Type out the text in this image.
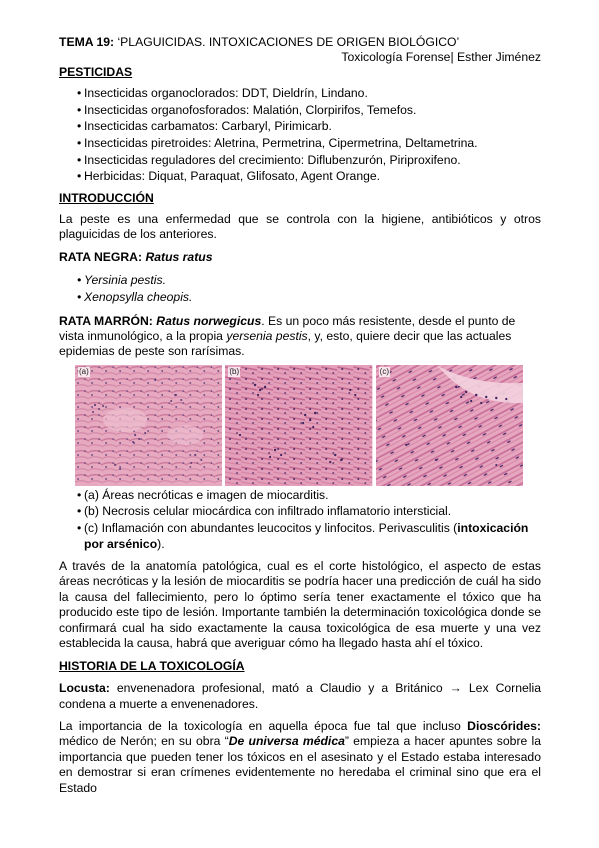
TEMA 19: ‘PLAGUICIDAS. INTOXICACIONES DE ORIGEN BIOLÓGICO’
Toxicología Forense| Esther Jiménez
PESTICIDAS
• Insecticidas organoclorados: DDT, Dieldrín, Lindano.
• Insecticidas organofosforados: Malatión, Clorpirifos, Temefos.
• Insecticidas carbamatos: Carbaryl, Pirimicarb.
• Insecticidas piretroides: Aletrina, Permetrina, Cipermetrina, Deltametrina.
• Insecticidas reguladores del crecimiento: Diflubenzurón, Piriproxifeno.
• Herbicidas: Diquat, Paraquat, Glifosato, Agent Orange.
INTRODUCCIÓN

La peste es una enfermedad que se controla con la higiene, antibióticos y otros plaguicidas de los anteriores.

RATA NEGRA: Ratus ratus
• Yersinia pestis.
• Xenopsylla cheopis.

RATA MARRÓN: Ratus norwegicus. Es un poco más resistente, desde el punto de vista inmunológico, a la propia yersenia pestis, y, esto, quiere decir que las actuales epidemias de peste son rarísimas.

(a)	(b)	(c)
• (a) Áreas necróticas e imagen de miocarditis.
• (b) Necrosis celular miocárdica con infiltrado inflamatorio intersticial.
• (c) Inflamación con abundantes leucocitos y linfocitos. Perivasculitis (intoxicación por arsénico).

A través de la anatomía patológica, cual es el corte histológico, el aspecto de estas áreas necróticas y la lesión de miocarditis se podría hacer una predicción de cuál ha sido la causa del fallecimiento, pero lo óptimo sería tener exactamente el tóxico que ha producido este tipo de lesión. Importante también la determinación toxicológica donde se confirmará cual ha sido exactamente la causa toxicológica de esa muerte y una vez establecida la causa, habrá que averiguar cómo ha llegado hasta ahí el tóxico.

HISTORIA DE LA TOXICOLOGÍA

Locusta: envenenadora profesional, mató a Claudio y a Británico → Lex Cornelia condena a muerte a envenenadores.

La importancia de la toxicología en aquella época fue tal que incluso Dioscórides: médico de Nerón; en su obra “De universa médica” empieza a hacer apuntes sobre la importancia que pueden tener los tóxicos en el asesinato y el Estado estaba interesado en demostrar si eran crímenes evidentemente no heredaba el criminal sino que era el Estado
